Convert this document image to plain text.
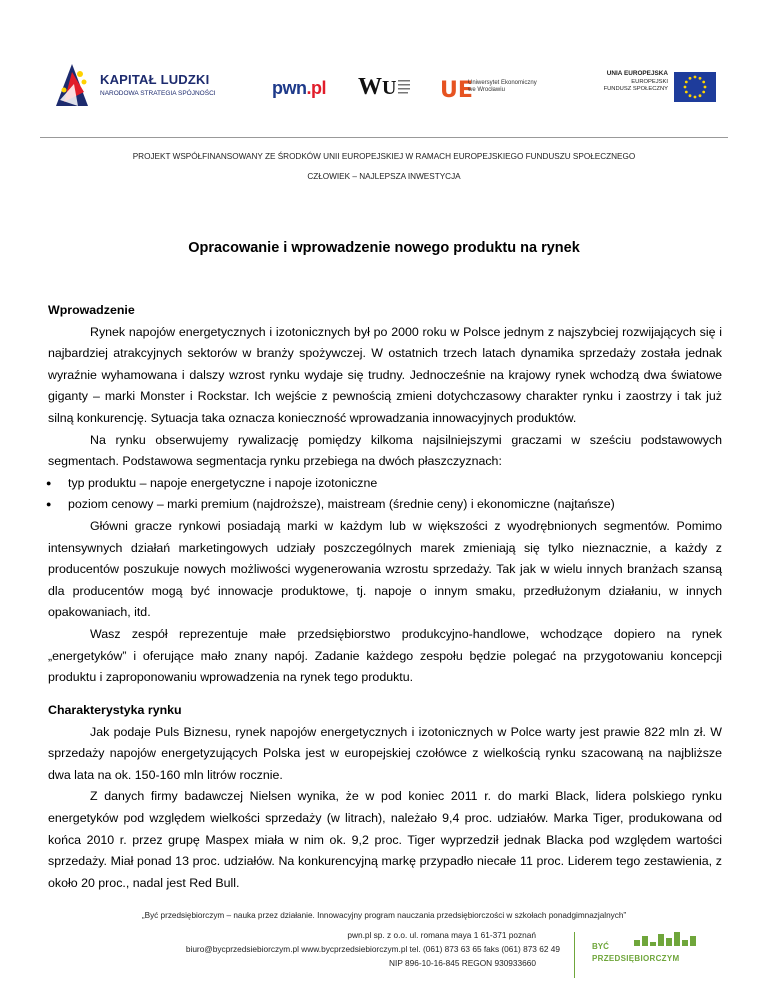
KAPITAŁ LUDZKI
NARODOWA STRATEGIA SPÓJNOŚCI	pwn.pl W U UE
Uniwersytet Ekonomiczny
we Wrocławiu
UNIA EUROPEJSKA
EUROPEJSKI
FUNDUSZ SPOŁECZNY
PROJEKT WSPÓŁFINANSOWANY ZE ŚRODKÓW UNII EUROPEJSKIEJ W RAMACH EUROPEJSKIEGO FUNDUSZU SPOŁECZNEGO
CZŁOWIEK – NAJLEPSZA INWESTYCJA
Opracowanie i wprowadzenie nowego produktu na rynek
Wprowadzenie

Rynek napojów energetycznych i izotonicznych był po 2000 roku w Polsce jednym z najszybciej rozwijających się i najbardziej atrakcyjnych sektorów w branży spożywczej. W ostatnich trzech latach dynamika sprzedaży została jednak wyraźnie wyhamowana i dalszy wzrost rynku wydaje się trudny. Jednocześnie na krajowy rynek wchodzą dwa światowe giganty – marki Monster i Rockstar. Ich wejście z pewnością zmieni dotychczasowy charakter rynku i zaostrzy i tak już silną konkurencję. Sytuacja taka oznacza konieczność wprowadzania innowacyjnych produktów.

Na rynku obserwujemy rywalizację pomiędzy kilkoma najsilniejszymi graczami w sześciu podstawowych segmentach. Podstawowa segmentacja rynku przebiega na dwóch płaszczyznach:

● typ produktu – napoje energetyczne i napoje izotoniczne

● poziom cenowy – marki premium (najdroższe), maistream (średnie ceny) i ekonomiczne (najtańsze)

Główni gracze rynkowi posiadają marki w każdym lub w większości z wyodrębnionych segmentów. Pomimo intensywnych działań marketingowych udziały poszczególnych marek zmieniają się tylko nieznacznie, a każdy z producentów poszukuje nowych możliwości wygenerowania wzrostu sprzedaży. Tak jak w wielu innych branżach szansą dla producentów mogą być innowacje produktowe, tj. napoje o innym smaku, przedłużonym działaniu, w innych opakowaniach, itd.

Wasz zespół reprezentuje małe przedsiębiorstwo produkcyjno-handlowe, wchodzące dopiero na rynek „energetyków” i oferujące mało znany napój. Zadanie każdego zespołu będzie polegać na przygotowaniu koncepcji produktu i zaproponowaniu wprowadzenia na rynek tego produktu.

Charakterystyka rynku

Jak podaje Puls Biznesu, rynek napojów energetycznych i izotonicznych w Polce warty jest prawie 822 mln zł. W sprzedaży napojów energetyzujących Polska jest w europejskiej czołówce z wielkością rynku szacowaną na najbliższe dwa lata na ok. 150-160 mln litrów rocznie.

Z danych firmy badawczej Nielsen wynika, że w pod koniec 2011 r. do marki Black, lidera polskiego rynku energetyków pod względem wielkości sprzedaży (w litrach), należało 9,4 proc. udziałów. Marka Tiger, produkowana od końca 2010 r. przez grupę Maspex miała w nim ok. 9,2 proc. Tiger wyprzedził jednak Blacka pod względem wartości sprzedaży. Miał ponad 13 proc. udziałów. Na konkurencyjną markę przypadło niecałe 11 proc. Liderem tego zestawienia, z około 20 proc., nadal jest Red Bull.

„Być przedsiębiorczym – nauka przez działanie. Innowacyjny program nauczania przedsiębiorczości w szkołach ponadgimnazjalnych”
pwn.pl sp. z o.o. ul. romana maya 1 61-371 poznań
biuro@bycprzedsiebiorczym.pl www.bycprzedsiebiorczym.pl tel. (061) 873 63 65 faks (061) 873 62 49
NIP 896-10-16-845 REGON 930933660
BYĆ
PRZEDSIĘBIORCZYM
